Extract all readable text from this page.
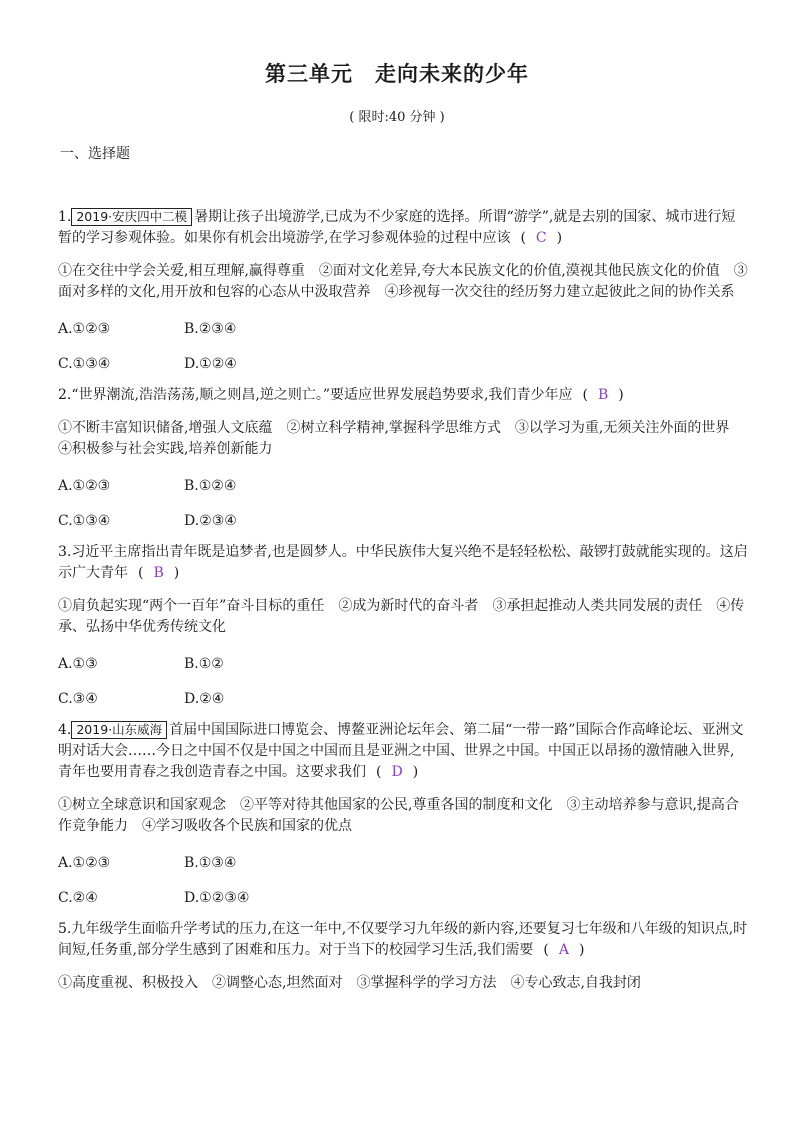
第三单元 走向未来的少年
( 限时:40 分钟 )
一、选择题

1. 2019·安庆四中二模 暑期让孩子出境游学,已成为不少家庭的选择。所谓“游学”,就是去别的国家、城市进行短暂的学习参观体验。如果你有机会出境游学,在学习参观体验的过程中应该 ( C )

①在交往中学会关爱,相互理解,赢得尊重　②面对文化差异,夸大本民族文化的价值,漠视其他民族文化的价值　③面对多样的文化,用开放和包容的心态从中汲取营养　④珍视每一次交往的经历努力建立起彼此之间的协作关系

A.①②③	B.②③④
C.①③④	D.①②④

2.“世界潮流,浩浩荡荡,顺之则昌,逆之则亡。”要适应世界发展趋势要求,我们青少年应 ( B )

①不断丰富知识储备,增强人文底蕴　②树立科学精神,掌握科学思维方式　③以学习为重,无须关注外面的世界　④积极参与社会实践,培养创新能力

A.①②③	B.①②④
C.①③④	D.②③④

3.习近平主席指出青年既是追梦者,也是圆梦人。中华民族伟大复兴绝不是轻轻松松、敲锣打鼓就能实现的。这启示广大青年 ( B )

①肩负起实现“两个一百年”奋斗目标的重任　②成为新时代的奋斗者　③承担起推动人类共同发展的责任　④传承、弘扬中华优秀传统文化

A.①③	B.①②
C.③④	D.②④

4. 2019·山东威海 首届中国国际进口博览会、博鳌亚洲论坛年会、第二届“一带一路”国际合作高峰论坛、亚洲文明对话大会……今日之中国不仅是中国之中国而且是亚洲之中国、世界之中国。中国正以昂扬的激情融入世界,青年也要用青春之我创造青春之中国。这要求我们 ( D )

①树立全球意识和国家观念　②平等对待其他国家的公民,尊重各国的制度和文化　③主动培养参与意识,提高合作竞争能力　④学习吸收各个民族和国家的优点

A.①②③	B.①③④
C.②④	D.①②③④

5.九年级学生面临升学考试的压力,在这一年中,不仅要学习九年级的新内容,还要复习七年级和八年级的知识点,时间短,任务重,部分学生感到了困难和压力。对于当下的校园学习生活,我们需要 ( A )

①高度重视、积极投入　②调整心态,坦然面对　③掌握科学的学习方法　④专心致志,自我封闭
